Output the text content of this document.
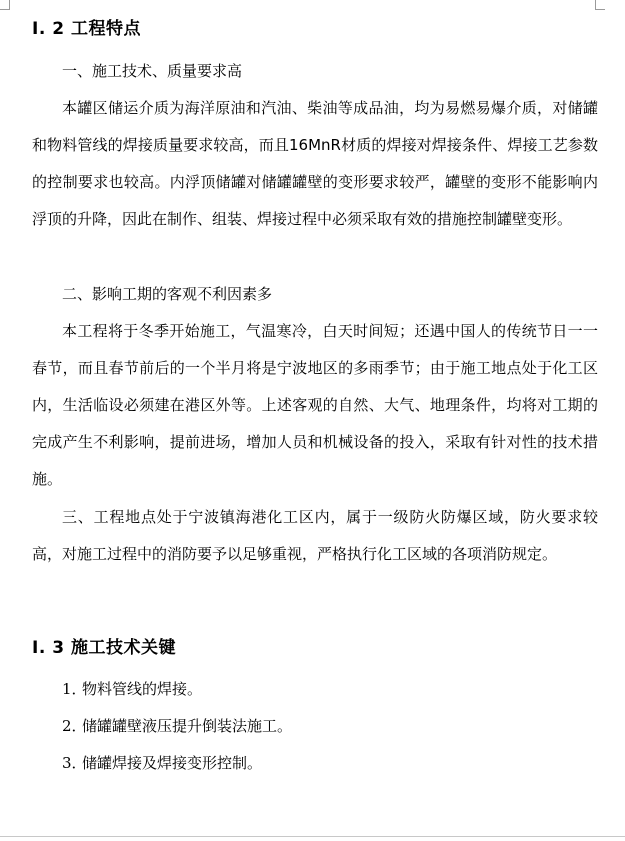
I. 2 工程特点
一、施工技术、质量要求高
本罐区储运介质为海洋原油和汽油、柴油等成品油，均为易燃易爆介质，对储罐和物料管线的焊接质量要求较高，而且16MnR材质的焊接对焊接条件、焊接工艺参数的控制要求也较高。内浮顶储罐对储罐罐壁的变形要求较严，罐壁的变形不能影响内浮顶的升降，因此在制作、组装、焊接过程中必须采取有效的措施控制罐壁变形。
二、影响工期的客观不利因素多
本工程将于冬季开始施工，气温寒冷，白天时间短；还遇中国人的传统节日一一春节，而且春节前后的一个半月将是宁波地区的多雨季节；由于施工地点处于化工区内，生活临设必须建在港区外等。上述客观的自然、大气、地理条件，均将对工期的完成产生不利影响，提前进场，增加人员和机械设备的投入，采取有针对性的技术措施。
三、工程地点处于宁波镇海港化工区内，属于一级防火防爆区域，防火要求较高，对施工过程中的消防要予以足够重视，严格执行化工区域的各项消防规定。
I. 3 施工技术关键
1．物料管线的焊接。
2．储罐罐壁液压提升倒装法施工。
3．储罐焊接及焊接变形控制。
